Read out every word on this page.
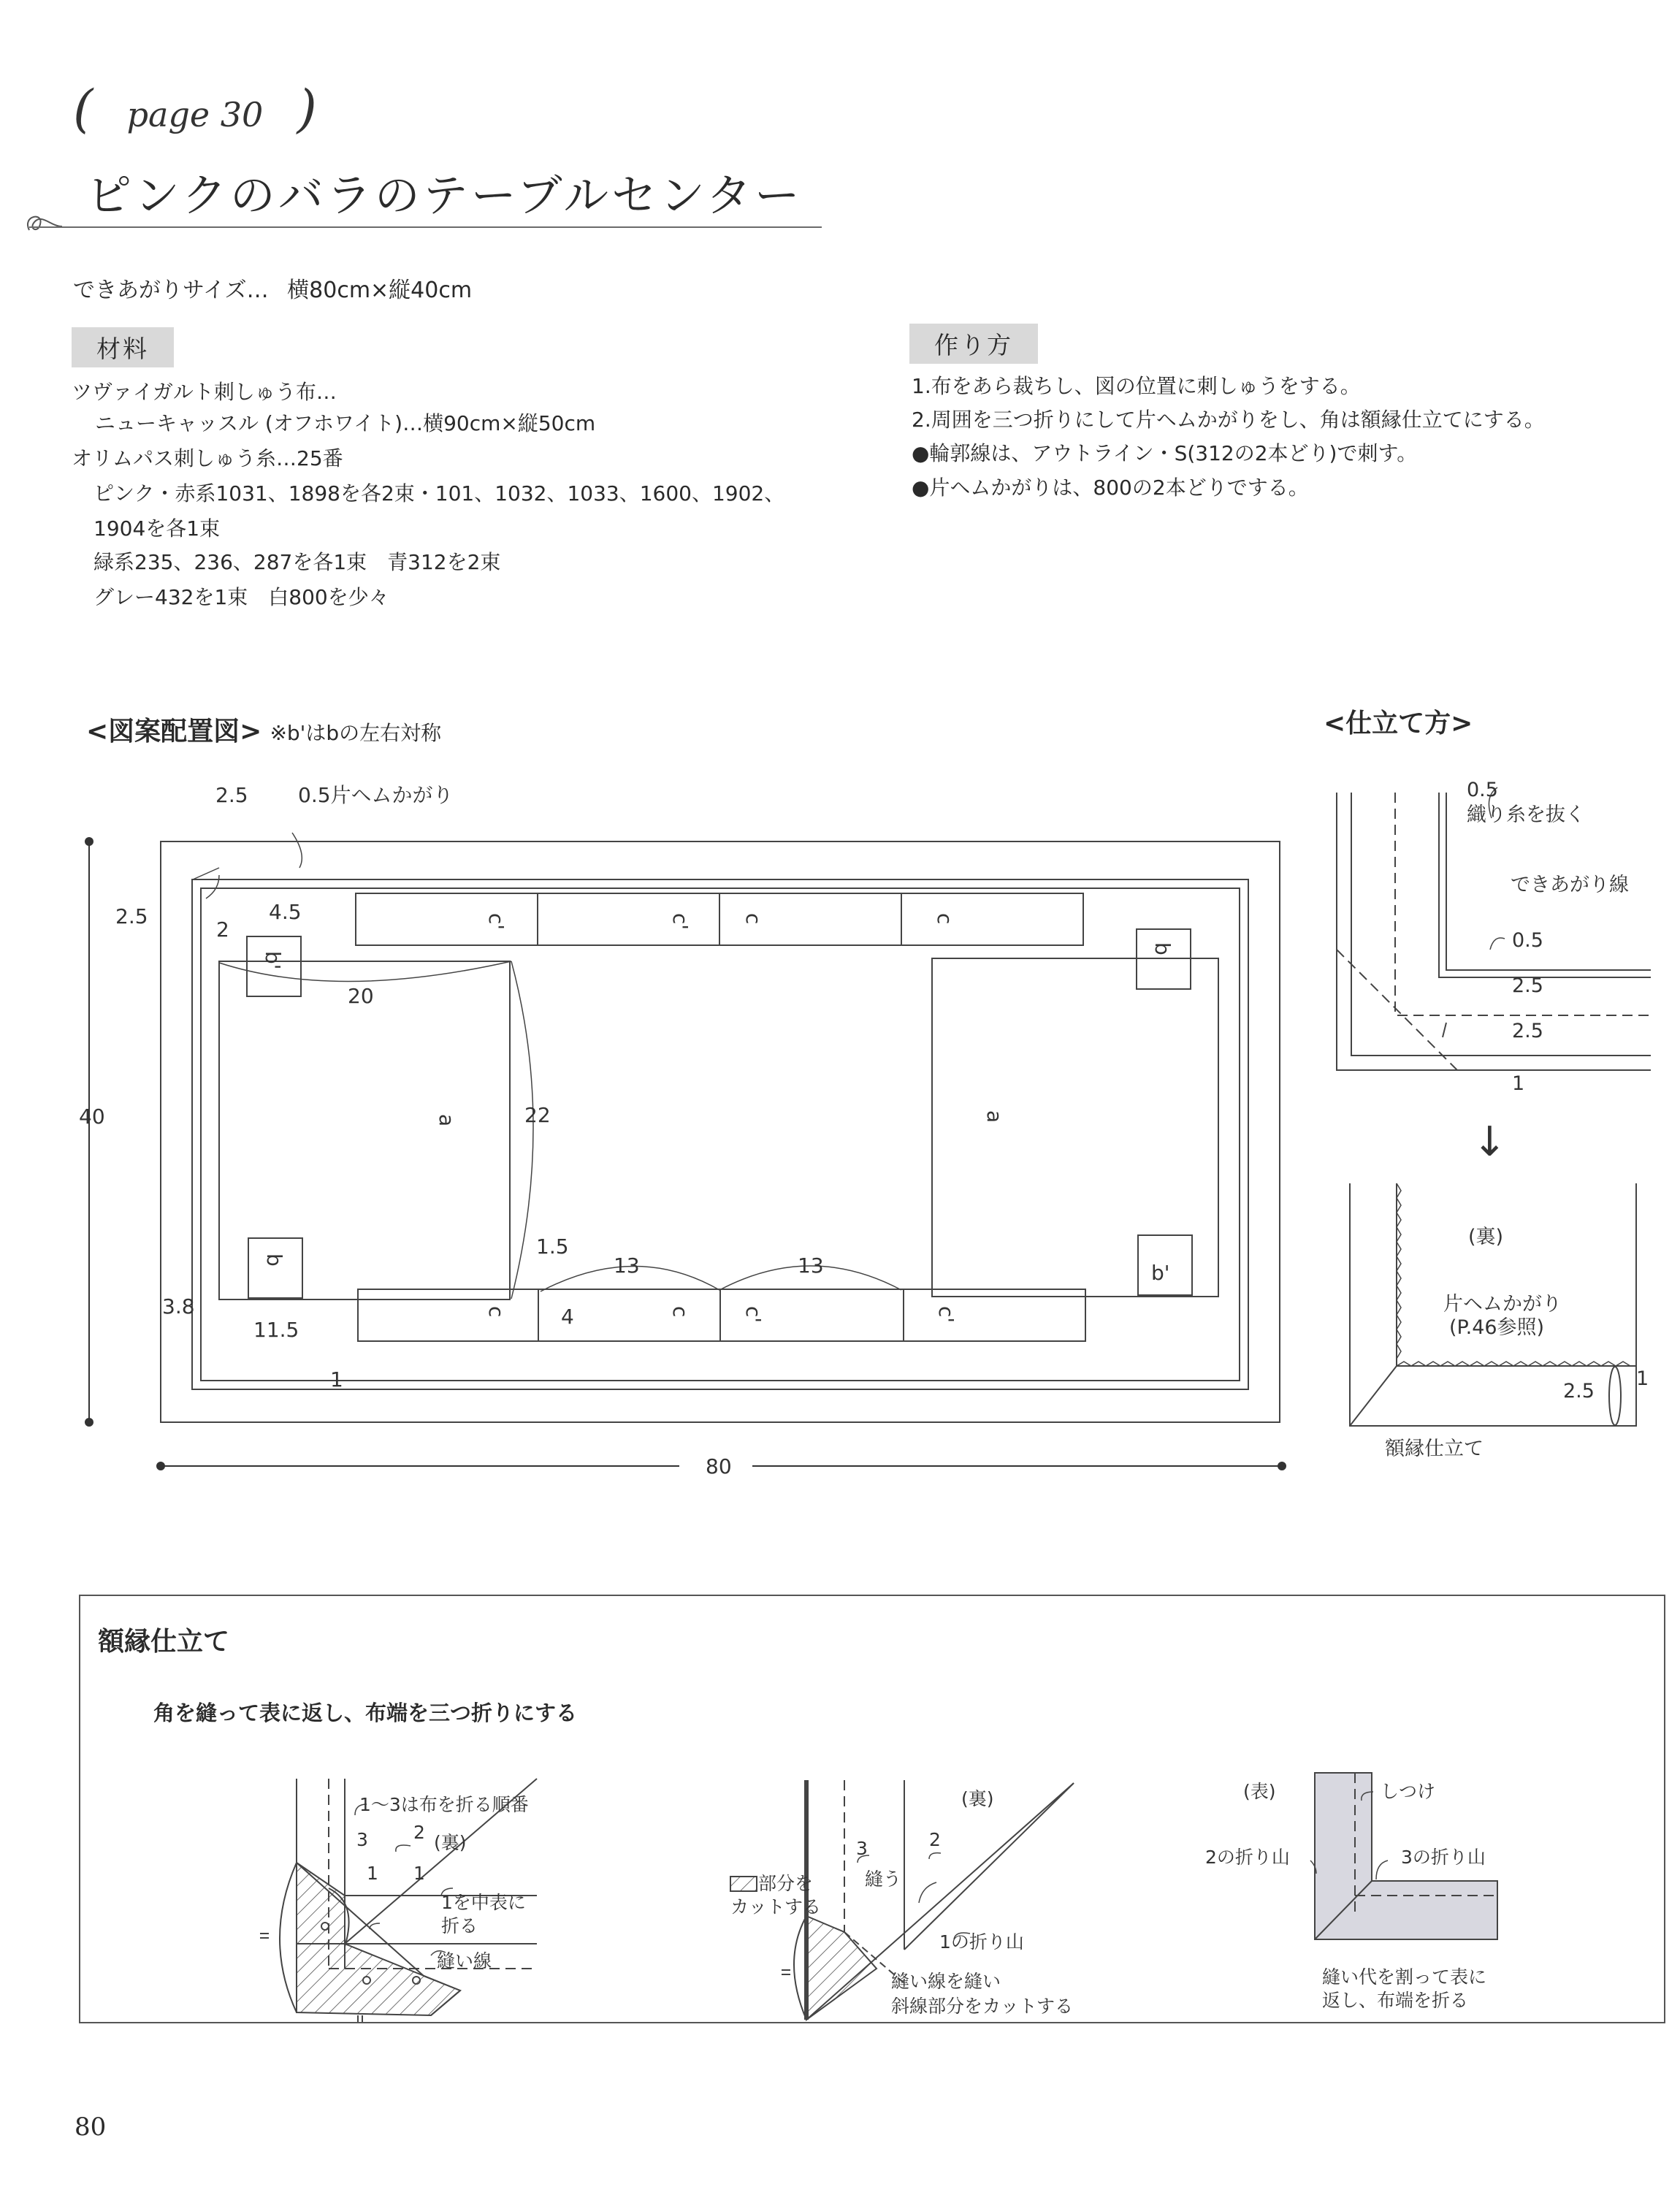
( page 30 )
ピンクのバラのテーブルセンター
できあがりサイズ… 横80cm×縦40cm
材料
ツヴァイガルト刺しゅう布…
ニューキャッスル (オフホワイト)…横90cm×縦50cm
オリムパス刺しゅう糸…25番
ピンク・赤系1031、1898を各2束・101、1032、1033、1600、1902、
1904を各1束
緑系235、236、287を各1束　青312を2束
グレー432を1束　白800を少々
作り方
1.布をあら裁ちし、図の位置に刺しゅうをする。
2.周囲を三つ折りにして片ヘムかがりをし、角は額縁仕立てにする。
●輪郭線は、アウトライン・S(312の2本どり)で刺す。
●片ヘムかがりは、800の2本どりでする。
<図案配置図> ※b'はbの左右対称
2.5 0.5片ヘムかがり
2.5	4.5
2
20
40	22
1.5
3.8
13	13
4
11.5
1
80
a	a
b'
b
b
b'
c'	c' c	c
c	c c'	c'
<仕立て方>
0.5
織り糸を抜く
できあがり線
0.5
2.5
2.5
1
↓
(裏)
片ヘムかがり
(P.46参照)
2.5
1
額縁仕立て
額縁仕立て
角を縫って表に返し、布端を三つ折りにする
1〜3は布を折る順番
3 2 (裏)
1 1
1を中表に
折る
縫い線
(裏)
2
3
部分を
カットする
縫う
1の折り山
縫い線を縫い
斜線部分をカットする
(表)	しつけ
2の折り山	3の折り山
縫い代を割って表に
返し、布端を折る
80
